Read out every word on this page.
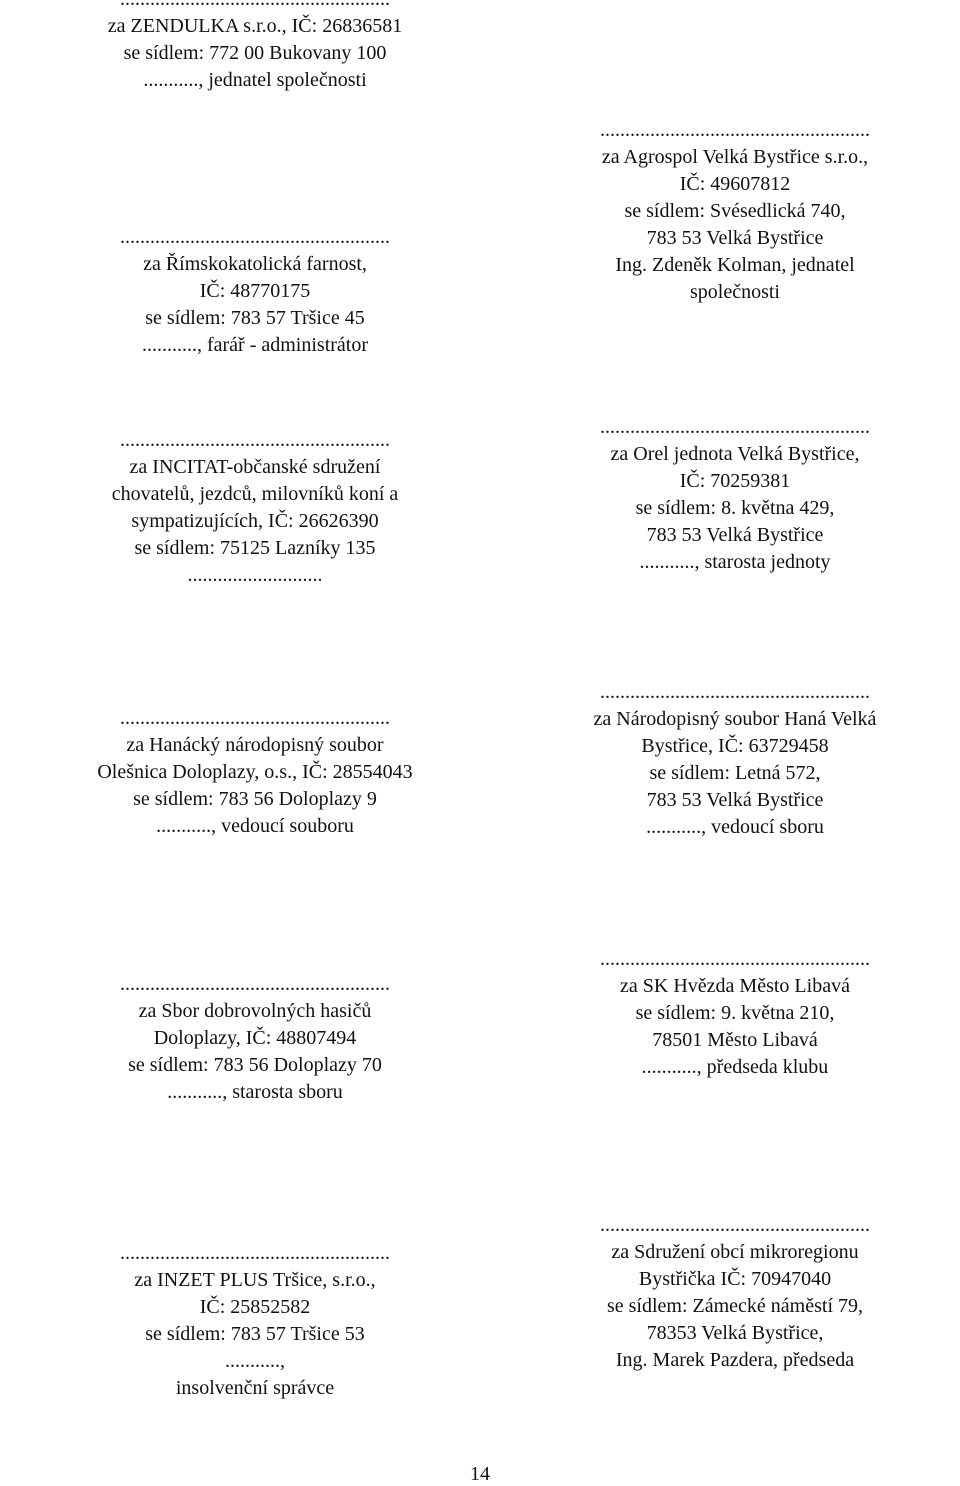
za ZENDULKA s.r.o., IČ: 26836581
se sídlem: 772 00 Bukovany 100
..........., jednatel společnosti
......................................................
za Římskokatolická farnost,
IČ: 48770175
se sídlem: 783 57 Tršice 45
..........., farář - administrátor
......................................................
za INCITAT-občanské sdružení
chovatelů, jezdců, milovníků koní a
sympatizujících, IČ: 26626390
se sídlem: 75125 Lazníky 135
...........................
......................................................
za Hanácký národopisný soubor
Olešnica Doloplazy, o.s., IČ: 28554043
se sídlem: 783 56 Doloplazy 9
..........., vedoucí souboru
......................................................
za Sbor dobrovolných hasičů
Doloplazy, IČ: 48807494
se sídlem: 783 56 Doloplazy 70
..........., starosta sboru
......................................................
za INZET PLUS Tršice, s.r.o.,
IČ: 25852582
se sídlem: 783 57 Tršice 53
...........,
insolvenční správce
......................................................
za Agrospol Velká Bystřice s.r.o.,
IČ: 49607812
se sídlem: Svésedlická 740,
783 53 Velká Bystřice
Ing. Zdeněk Kolman, jednatel
společnosti
......................................................
za Orel jednota Velká Bystřice,
IČ: 70259381
se sídlem: 8. května 429,
783 53 Velká Bystřice
..........., starosta jednoty
......................................................
za Národopisný soubor Haná Velká
Bystřice, IČ: 63729458
se sídlem: Letná 572,
783 53 Velká Bystřice
..........., vedoucí sboru
......................................................
za SK Hvězda Město Libavá
se sídlem: 9. května 210,
78501 Město Libavá
..........., předseda klubu
......................................................
za Sdružení obcí mikroregionu
Bystřička IČ: 70947040
se sídlem: Zámecké náměstí 79,
78353 Velká Bystřice,
Ing. Marek Pazdera, předseda
14
